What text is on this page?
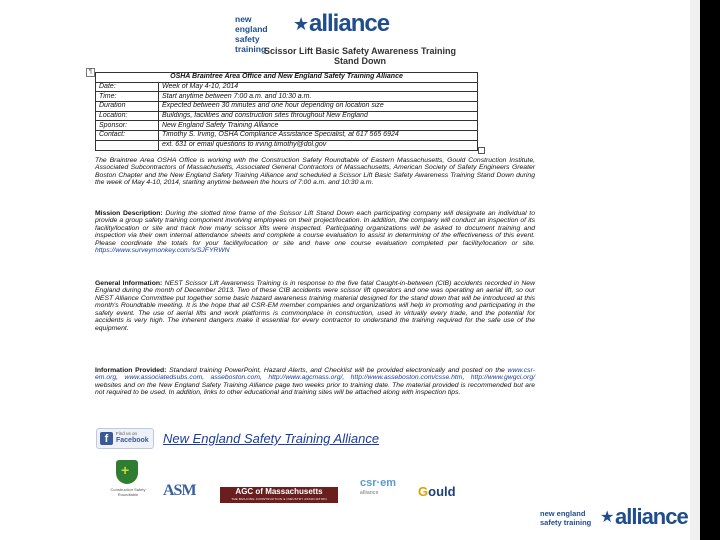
new england
safety training
★ alliance
Scissor Lift Basic Safety Awareness Training
Stand Down
¶
OSHA Braintree Area Office and New England Safety Training Alliance	
Date:	Week of May 4-10, 2014
Time:	Start anytime between 7:00 a.m. and 10:30 a.m.
Duration	Expected between 30 minutes and one hour depending on location size
Location:	Buildings, facilities and construction sites throughout New England
Sponsor:	New England Safety Training Alliance
Contact:	Timothy S. Irving, OSHA Compliance Assistance Specialist, at 617 565 6924
	ext. 631 or email questions to irving.timothy@dol.gov
The Braintree Area OSHA Office is working with the Construction Safety Roundtable of Eastern Massachusetts, Gould Construction Institute, Associated Subcontractors of Massachusetts, Associated General Contractors of Massachusetts, American Society of Safety Engineers Greater Boston Chapter and the New England Safety Training Alliance and scheduled a Scissor Lift Basic Safety Awareness Training Stand Down during the week of May 4-10, 2014, starting anytime between the hours of 7:00 a.m. and 10:30 a.m.
Mission Description: During the slotted time frame of the Scissor Lift Stand Down each participating company will designate an individual to provide a group safety training component involving employees on their project/location. In addition, the company will conduct an inspection of its facility/location or site and track how many scissor lifts were inspected. Participating organizations will be asked to document training and inspection via their own internal attendance sheets and complete a course evaluation to assist in determining of the effectiveness of this event. Please coordinate the totals for your facility/location or site and have one course evaluation completed per facility/location or site. https://www.surveymonkey.com/s/SJFYRWN
General Information: NEST Scissor Lift Awareness Training is in response to the five fatal Caught-in-between (CIB) accidents recorded in New England during the month of December 2013. Two of these CIB accidents were scissor lift operators and one was operating an aerial lift, so our NEST Alliance Committee put together some basic hazard awareness training material designed for the stand down that will be introduced at this month's Roundtable meeting. It is the hope that all CSR-EM member companies and organizations will help in promoting and participating in the safety event. The use of aerial lifts and work platforms is commonplace in construction, used in virtually every trade, and the potential for accidents is very high. The inherent dangers make it essential for every contractor to understand the training required for the safe use of the equipment.
Information Provided: Standard training PowerPoint, Hazard Alerts, and Checklist will be provided electronically and posted on the www.csr-em.org, www.associatedsubs.com, asseboston.com, http://www.agcmass.org/, http://www.asseboston.com/csse.htm, http://www.gwgci.org/ websites and on the New England Safety Training Alliance page two weeks prior to training date. The material provided is recommended but are not required to be used. In addition, links to other educational and training sites will be attached along with inspection tips.
f	Find us on
Facebook New England Safety Training Alliance
+
Construction Safety Roundtable	ASM	AGC of Massachusetts
THE BUILDING CONSTRUCTION & INDUSTRY ASSOCIATION
csr·em
alliance	Gould
new england
safety training ★ alliance
